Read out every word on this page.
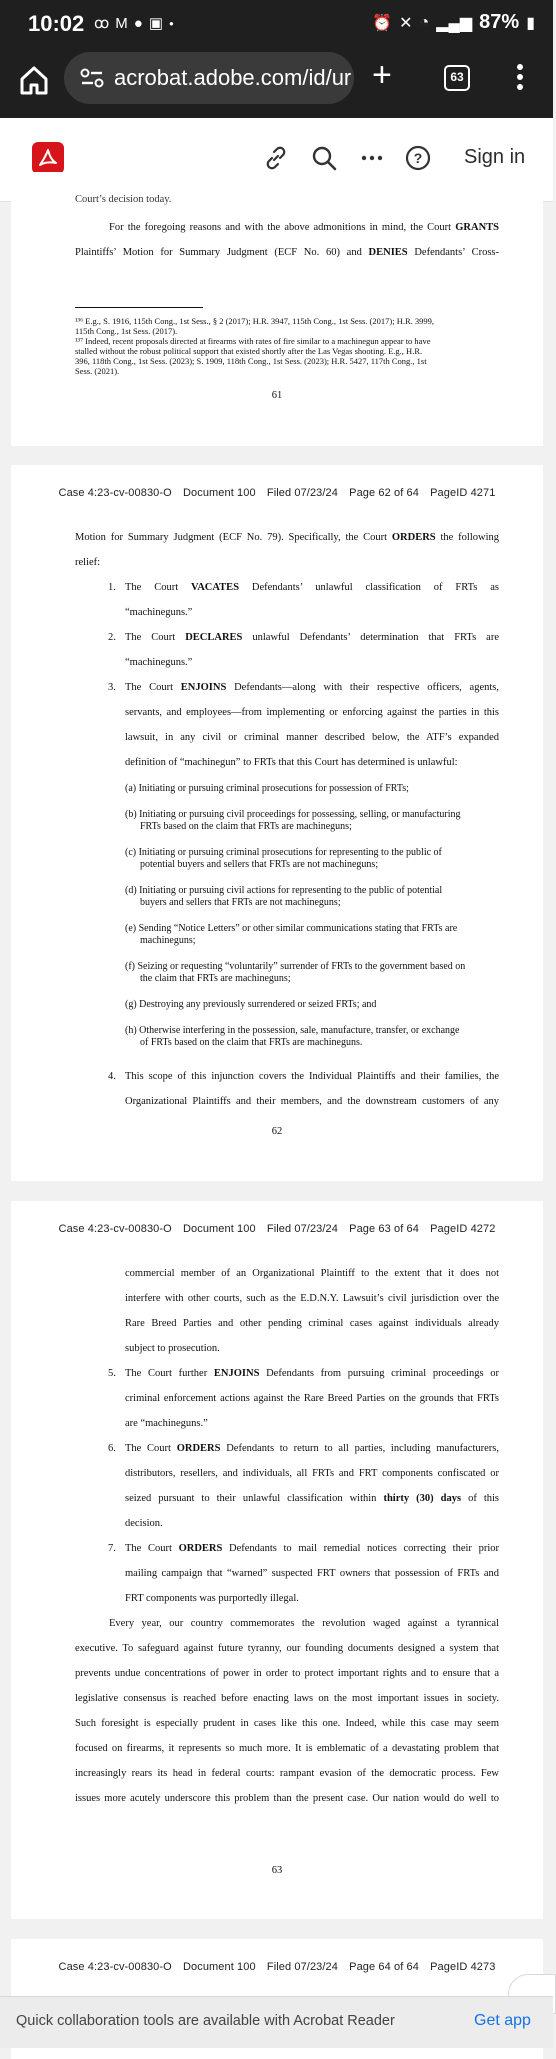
10:02 ꝏ M ● ▣ ●	⏰ ✕ ◔ ▂▄▆ 87% ▮
acrobat.adobe.com/id/ur +	63
? Sign in
Court’s decision today.
For the foregoing reasons and with the above admonitions in mind, the Court GRANTS
Plaintiffs’ Motion for Summary Judgment (ECF No. 60) and DENIES Defendants’ Cross-
¹³⁶ E.g., S. 1916, 115th Cong., 1st Sess., § 2 (2017); H.R. 3947, 115th Cong., 1st Sess. (2017); H.R. 3999,
115th Cong., 1st Sess. (2017).
¹³⁷ Indeed, recent proposals directed at firearms with rates of fire similar to a machinegun appear to have
stalled without the robust political support that existed shortly after the Las Vegas shooting. E.g., H.R.
396, 118th Cong., 1st Sess. (2023); S. 1909, 118th Cong., 1st Sess. (2023); H.R. 5427, 117th Cong., 1st
Sess. (2021).
61
Case 4:23-cv-00830-O Document 100 Filed 07/23/24 Page 62 of 64 PageID 4271
Motion for Summary Judgment (ECF No. 79). Specifically, the Court ORDERS the following
relief:
1. The Court VACATES Defendants’ unlawful classification of FRTs as
“machineguns.”
2. The Court DECLARES unlawful Defendants’ determination that FRTs are
“machineguns.”
3. The Court ENJOINS Defendants—along with their respective officers, agents,
servants, and employees—from implementing or enforcing against the parties in this
lawsuit, in any civil or criminal manner described below, the ATF’s expanded
definition of “machinegun” to FRTs that this Court has determined is unlawful:
(a) Initiating or pursuing criminal prosecutions for possession of FRTs;
(b) Initiating or pursuing civil proceedings for possessing, selling, or manufacturing
FRTs based on the claim that FRTs are machineguns;
(c) Initiating or pursuing criminal prosecutions for representing to the public of
potential buyers and sellers that FRTs are not machineguns;
(d) Initiating or pursuing civil actions for representing to the public of potential
buyers and sellers that FRTs are not machineguns;
(e) Sending “Notice Letters” or other similar communications stating that FRTs are
machineguns;
(f) Seizing or requesting “voluntarily” surrender of FRTs to the government based on
the claim that FRTs are machineguns;
(g) Destroying any previously surrendered or seized FRTs; and
(h) Otherwise interfering in the possession, sale, manufacture, transfer, or exchange
of FRTs based on the claim that FRTs are machineguns.
4. This scope of this injunction covers the Individual Plaintiffs and their families, the
Organizational Plaintiffs and their members, and the downstream customers of any
62
Case 4:23-cv-00830-O Document 100 Filed 07/23/24 Page 63 of 64 PageID 4272
commercial member of an Organizational Plaintiff to the extent that it does not
interfere with other courts, such as the E.D.N.Y. Lawsuit’s civil jurisdiction over the
Rare Breed Parties and other pending criminal cases against individuals already
subject to prosecution.
5. The Court further ENJOINS Defendants from pursuing criminal proceedings or
criminal enforcement actions against the Rare Breed Parties on the grounds that FRTs
are “machineguns.”
6. The Court ORDERS Defendants to return to all parties, including manufacturers,
distributors, resellers, and individuals, all FRTs and FRT components confiscated or
seized pursuant to their unlawful classification within thirty (30) days of this
decision.
7. The Court ORDERS Defendants to mail remedial notices correcting their prior
mailing campaign that “warned” suspected FRT owners that possession of FRTs and
FRT components was purportedly illegal.
Every year, our country commemorates the revolution waged against a tyrannical
executive. To safeguard against future tyranny, our founding documents designed a system that
prevents undue concentrations of power in order to protect important rights and to ensure that a
legislative consensus is reached before enacting laws on the most important issues in society.
Such foresight is especially prudent in cases like this one. Indeed, while this case may seem
focused on firearms, it represents so much more. It is emblematic of a devastating problem that
increasingly rears its head in federal courts: rampant evasion of the democratic process. Few
issues more acutely underscore this problem than the present case. Our nation would do well to
63
Case 4:23-cv-00830-O Document 100 Filed 07/23/24 Page 64 of 64 PageID 4273
Quick collaboration tools are available with Acrobat Reader	Get app
